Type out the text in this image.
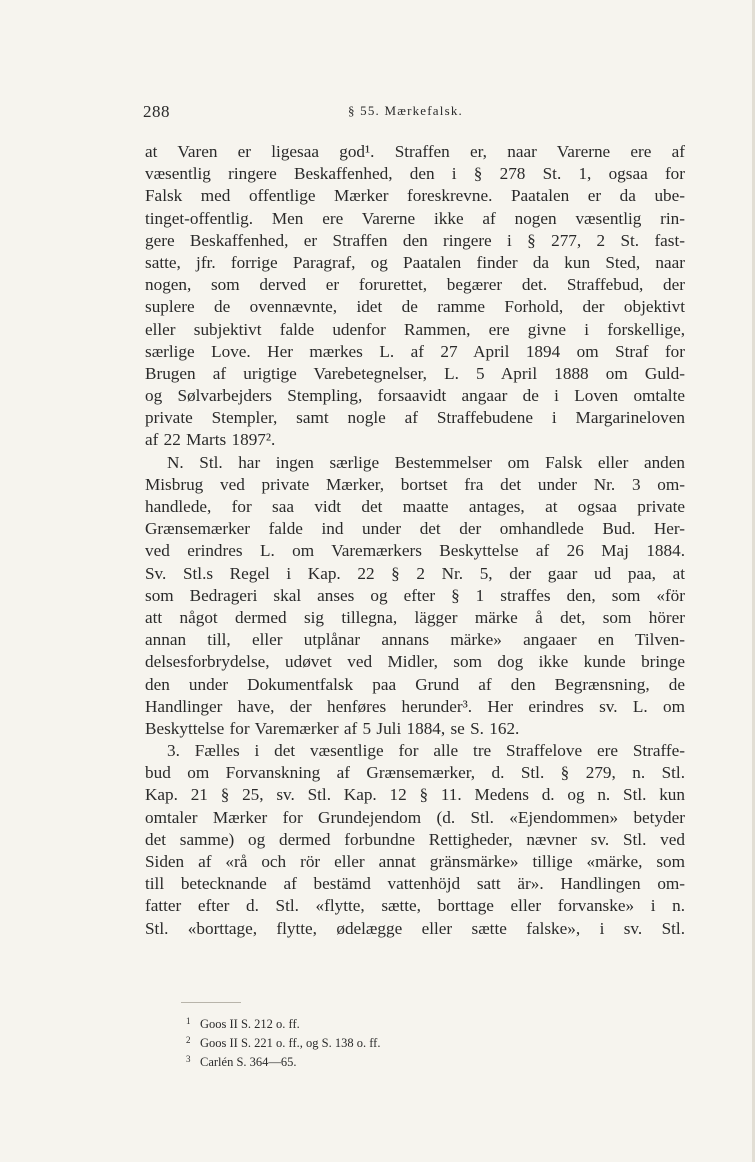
288	§ 55. Mærkefalsk.
at Varen er ligesaa god¹. Straffen er, naar Varerne ere af
væsentlig ringere Beskaffenhed, den i § 278 St. 1, ogsaa for
Falsk med offentlige Mærker foreskrevne. Paatalen er da ube-
tinget-offentlig. Men ere Varerne ikke af nogen væsentlig rin-
gere Beskaffenhed, er Straffen den ringere i § 277, 2 St. fast-
satte, jfr. forrige Paragraf, og Paatalen finder da kun Sted, naar
nogen, som derved er forurettet, begærer det. Straffebud, der
suplere de ovennævnte, idet de ramme Forhold, der objektivt
eller subjektivt falde udenfor Rammen, ere givne i forskellige,
særlige Love. Her mærkes L. af 27 April 1894 om Straf for
Brugen af urigtige Varebetegnelser, L. 5 April 1888 om Guld-
og Sølvarbejders Stempling, forsaavidt angaar de i Loven omtalte
private Stempler, samt nogle af Straffebudene i Margarineloven
af 22 Marts 1897².
N. Stl. har ingen særlige Bestemmelser om Falsk eller anden
Misbrug ved private Mærker, bortset fra det under Nr. 3 om-
handlede, for saa vidt det maatte antages, at ogsaa private
Grænsemærker falde ind under det der omhandlede Bud. Her-
ved erindres L. om Varemærkers Beskyttelse af 26 Maj 1884.
Sv. Stl.s Regel i Kap. 22 § 2 Nr. 5, der gaar ud paa, at
som Bedrageri skal anses og efter § 1 straffes den, som «för
att något dermed sig tillegna, lägger märke å det, som hörer
annan till, eller utplånar annans märke» angaaer en Tilven-
delsesforbrydelse, udøvet ved Midler, som dog ikke kunde bringe
den under Dokumentfalsk paa Grund af den Begrænsning, de
Handlinger have, der henføres herunder³. Her erindres sv. L. om
Beskyttelse for Varemærker af 5 Juli 1884, se S. 162.
3. Fælles i det væsentlige for alle tre Straffelove ere Straffe-
bud om Forvanskning af Grænsemærker, d. Stl. § 279, n. Stl.
Kap. 21 § 25, sv. Stl. Kap. 12 § 11. Medens d. og n. Stl. kun
omtaler Mærker for Grundejendom (d. Stl. «Ejendommen» betyder
det samme) og dermed forbundne Rettigheder, nævner sv. Stl. ved
Siden af «rå och rör eller annat gränsmärke» tillige «märke, som
till betecknande af bestämd vattenhöjd satt är». Handlingen om-
fatter efter d. Stl. «flytte, sætte, borttage eller forvanske» i n.
Stl. «borttage, flytte, ødelægge eller sætte falske», i sv. Stl.
1 Goos II S. 212 o. ff.
2 Goos II S. 221 o. ff., og S. 138 o. ff.
3 Carlén S. 364—65.
